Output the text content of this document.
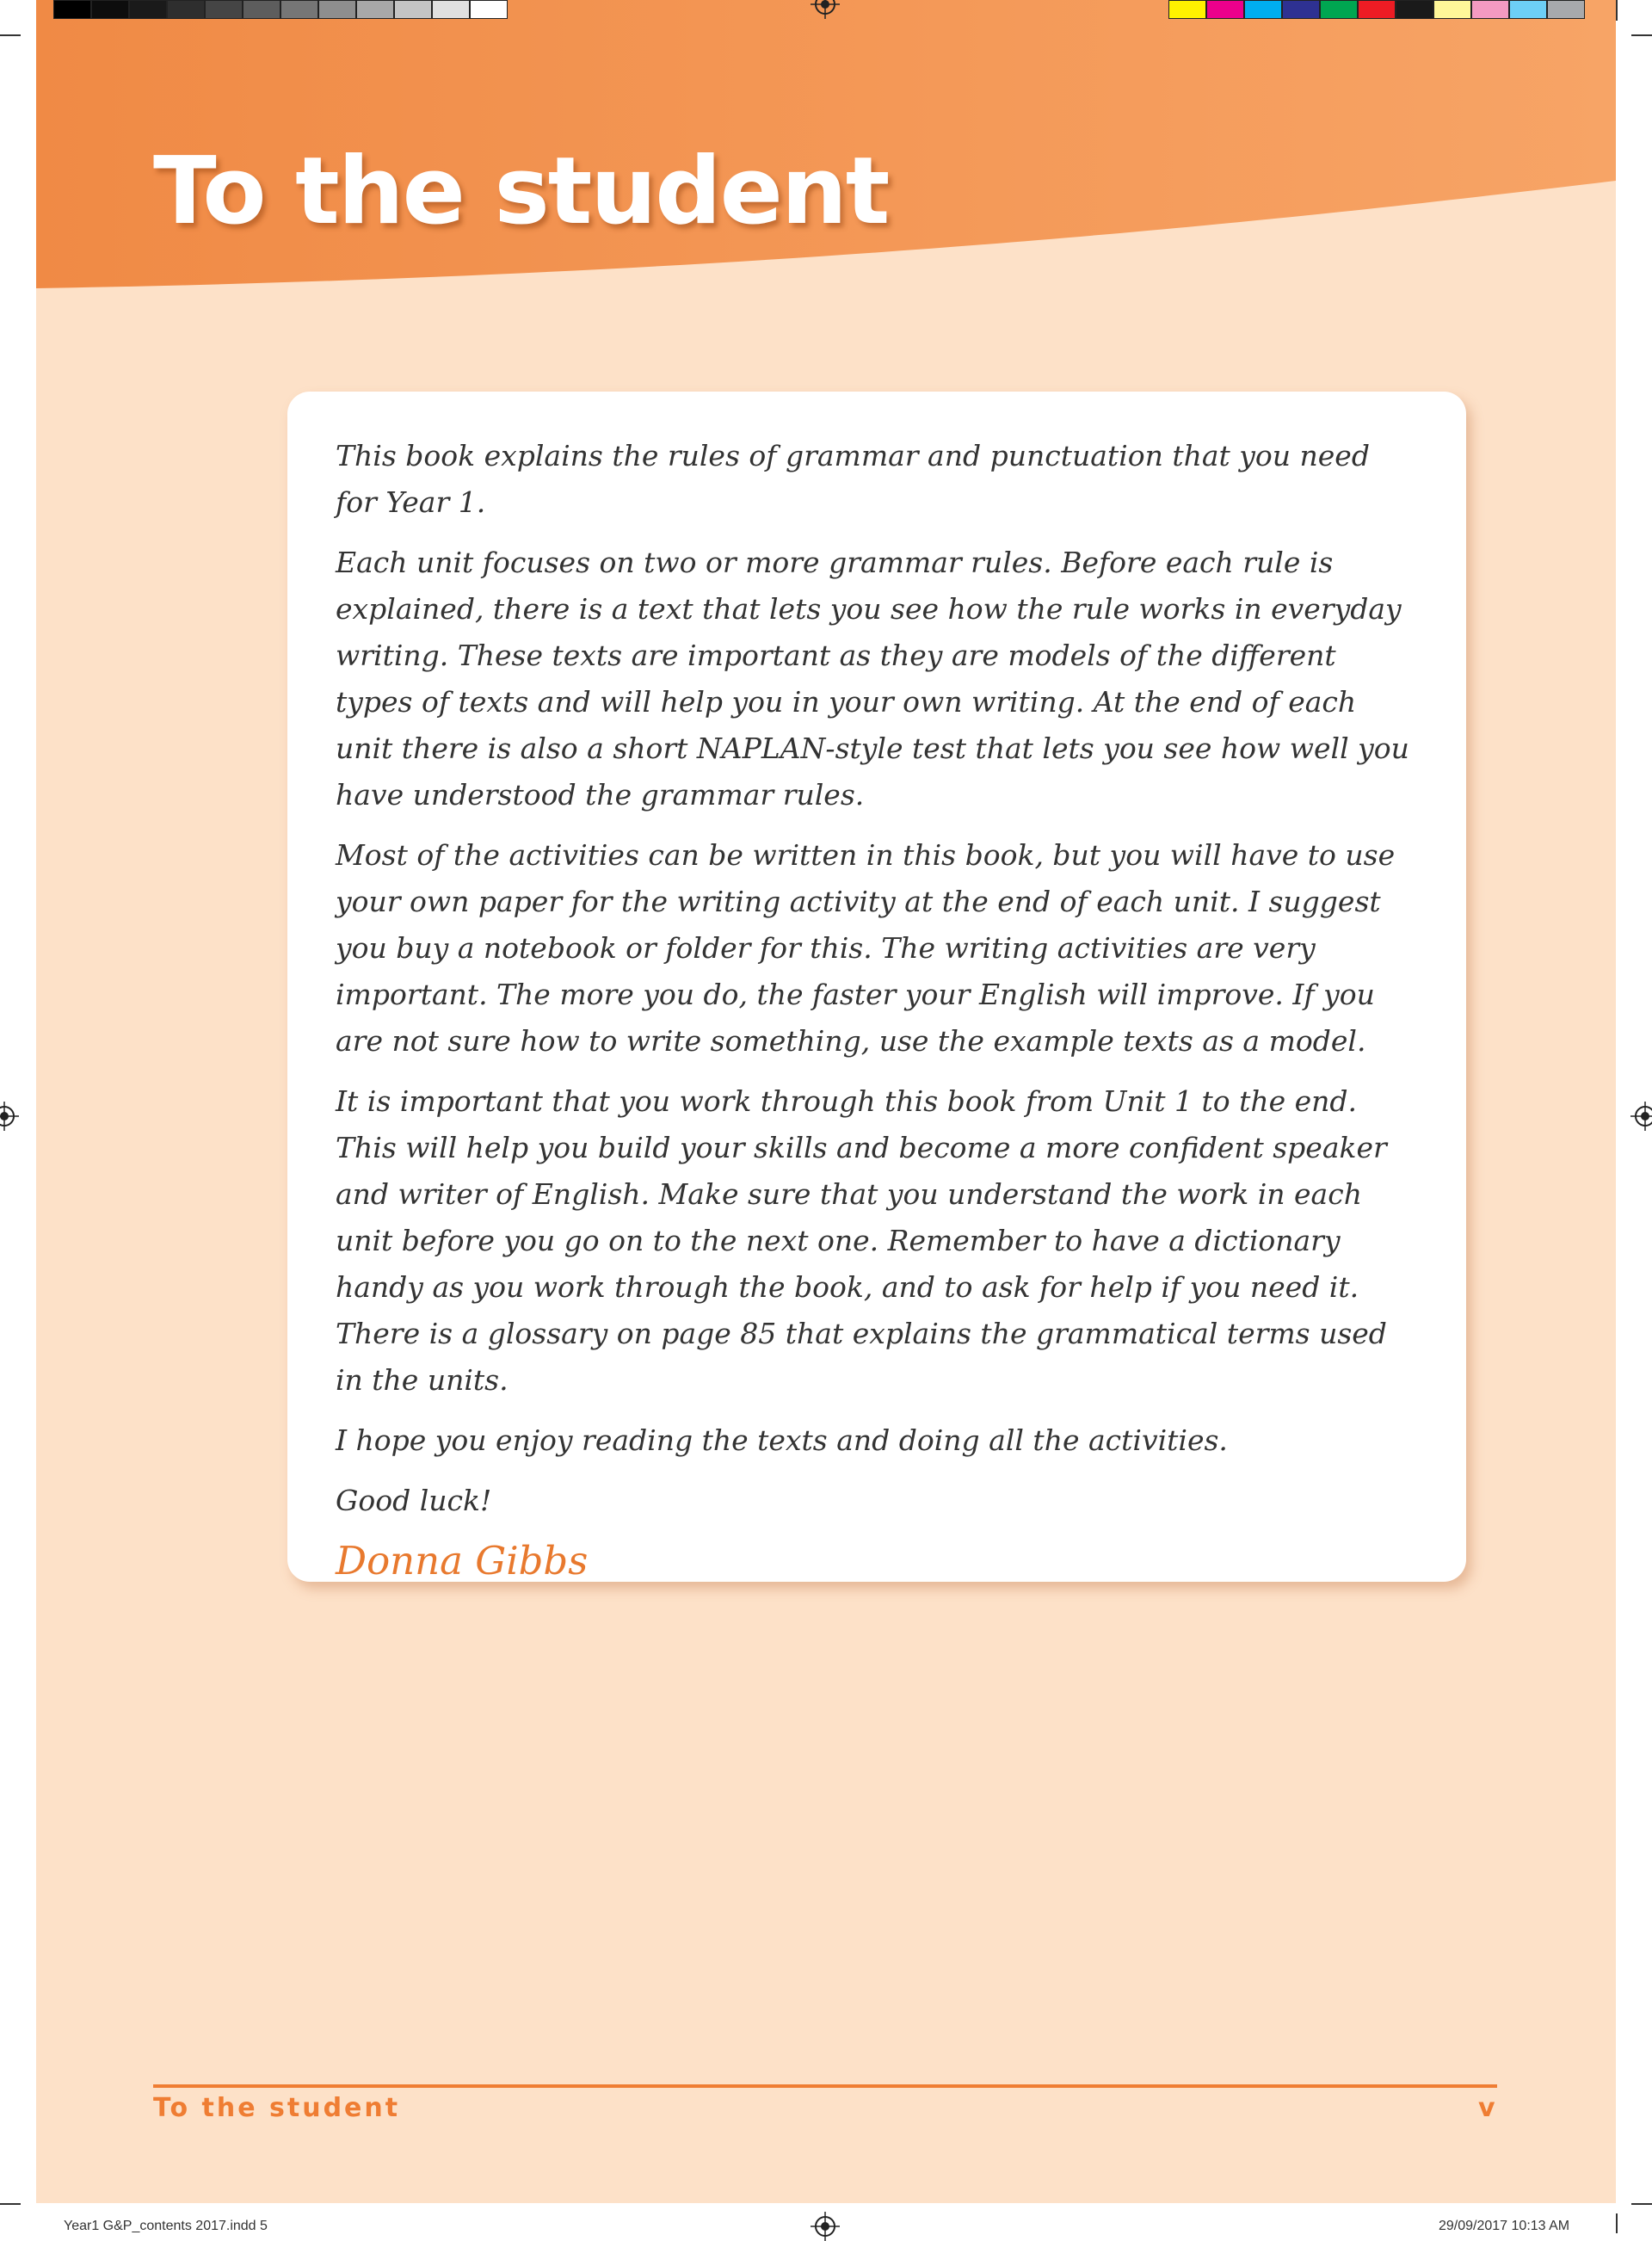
To the student

This book explains the rules of grammar and punctuation that you need for Year 1.

Each unit focuses on two or more grammar rules. Before each rule is explained, there is a text that lets you see how the rule works in everyday writing. These texts are important as they are models of the different types of texts and will help you in your own writing. At the end of each unit there is also a short NAPLAN-style test that lets you see how well you have understood the grammar rules.

Most of the activities can be written in this book, but you will have to use your own paper for the writing activity at the end of each unit. I suggest you buy a notebook or folder for this. The writing activities are very important. The more you do, the faster your English will improve. If you are not sure how to write something, use the example texts as a model.

It is important that you work through this book from Unit 1 to the end. This will help you build your skills and become a more confident speaker and writer of English. Make sure that you understand the work in each unit before you go on to the next one. Remember to have a dictionary handy as you work through the book, and to ask for help if you need it. There is a glossary on page 85 that explains the grammatical terms used in the units.

I hope you enjoy reading the texts and doing all the activities.

Good luck!

Donna Gibbs
To the student	v
Year1 G&P_contents 2017.indd 5	29/09/2017 10:13 AM
